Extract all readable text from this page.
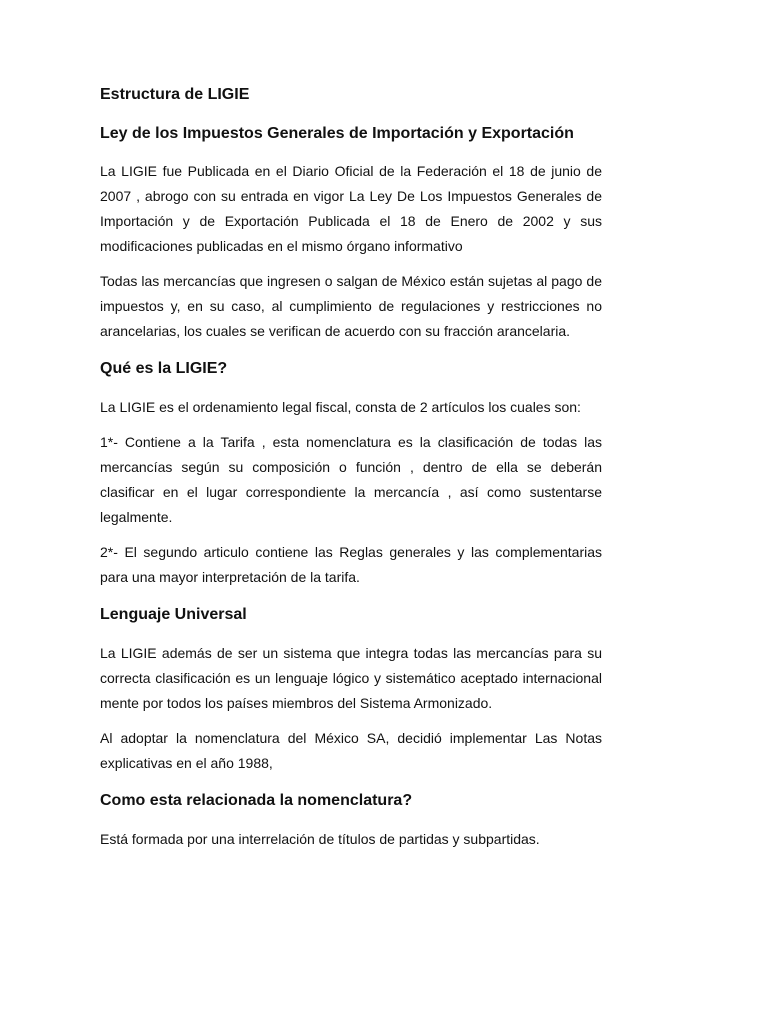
Estructura de LIGIE
Ley de los Impuestos Generales de Importación y Exportación

La LIGIE fue Publicada en el Diario Oficial de la Federación el 18 de junio de 2007 , abrogo con su entrada en vigor La Ley De Los Impuestos Generales de Importación y de Exportación Publicada el 18 de Enero de 2002 y sus modificaciones publicadas en el mismo órgano informativo

Todas las mercancías que ingresen o salgan de México están sujetas al pago de impuestos y, en su caso, al cumplimiento de regulaciones y restricciones no arancelarias, los cuales se verifican de acuerdo con su fracción arancelaria.

Qué es la LIGIE?

La LIGIE es el ordenamiento legal fiscal, consta de 2 artículos los cuales son:

1*- Contiene a la Tarifa , esta nomenclatura es la clasificación de todas las mercancías según su composición o función , dentro de ella se deberán clasificar en el lugar correspondiente la mercancía , así como sustentarse legalmente.

2*- El segundo articulo contiene las Reglas generales y las complementarias para una mayor interpretación de la tarifa.

Lenguaje Universal

La LIGIE además de ser un sistema que integra todas las mercancías para su correcta clasificación es un lenguaje lógico y sistemático aceptado internacional mente por todos los países miembros del Sistema Armonizado.

Al adoptar la nomenclatura del México SA, decidió implementar Las Notas explicativas en el año 1988,

Como esta relacionada la nomenclatura?

Está formada por una interrelación de títulos de partidas y subpartidas.
